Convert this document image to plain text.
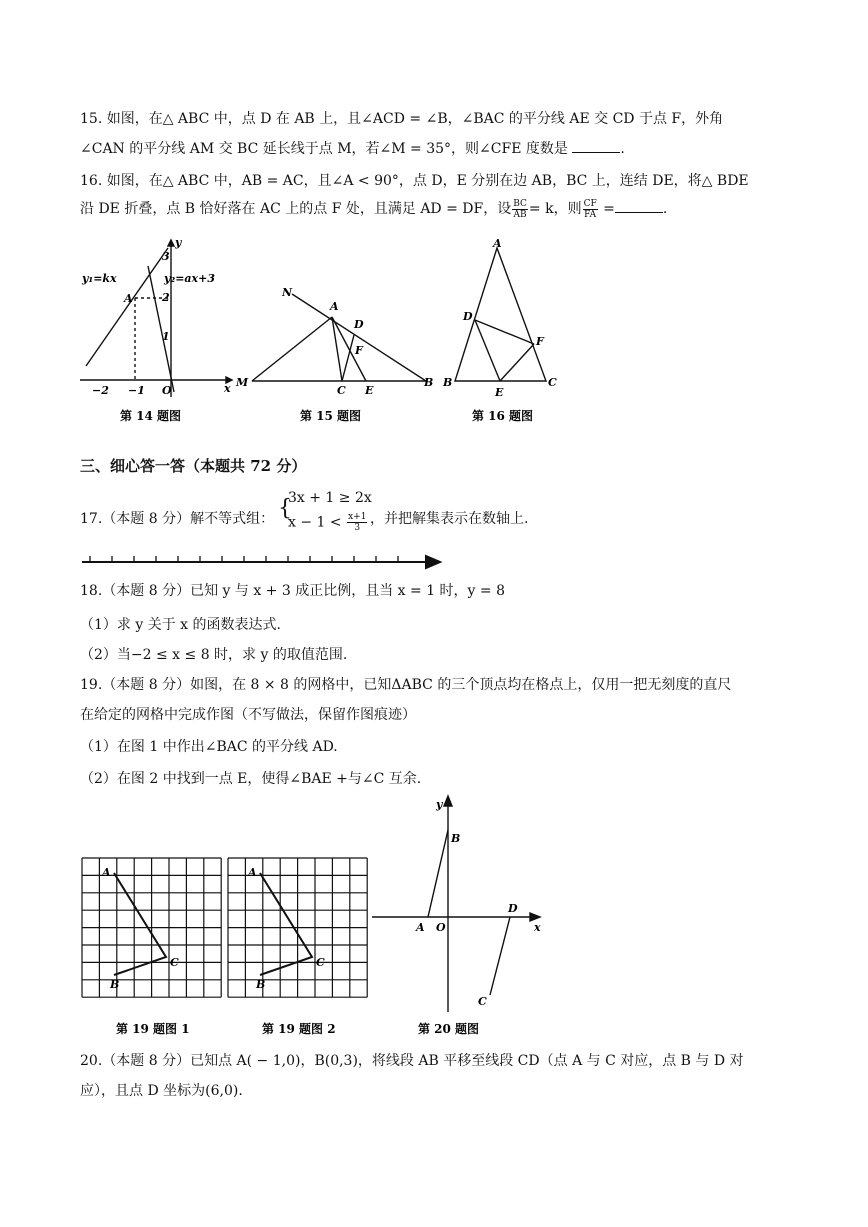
15. 如图，在△ ABC 中，点 D 在 AB 上，且∠ACD = ∠B，∠BAC 的平分线 AE 交 CD 于点 F，外角
∠CAN 的平分线 AM 交 BC 延长线于点 M，若∠M = 35°，则∠CFE 度数是	.
16. 如图，在△ ABC 中，AB = AC，且∠A < 90°，点 D，E 分别在边 AB，BC 上，连结 DE，将△ BDE
沿 DE 折叠，点 B 恰好落在 AC 上的点 F 处，且满足 AD = DF，设 $\frac{BC}{AB} = k$，则 $\frac{CF}{FA}$ =	.
y
x
y₁=kx	y₂=ax+3
A
O
−2 −1
3
2
1
第 14 题图
N
A
D
F
M
C E
B
第 15 题图
A
D
F
B
E
C
第 16 题图
三、细心答一答（本题共 72 分）
17.（本题 8 分）解不等式组： {
3x + 1 ≥ 2x
$x - 1 < \frac{x+1}{3}$ ，并把解集表示在数轴上.
18.（本题 8 分）已知 y 与 x + 3 成正比例，且当 x = 1 时，y = 8
（1）求 y 关于 x 的函数表达式.
（2）当−2 ≤ x ≤ 8 时，求 y 的取值范围.
19.（本题 8 分）如图，在 8 × 8 的网格中，已知ΔABC 的三个顶点均在格点上，仅用一把无刻度的直尺
在给定的网格中完成作图（不写做法，保留作图痕迹）
（1）在图 1 中作出∠BAC 的平分线 AD.
（2）在图 2 中找到一点 E，使得∠BAE +与∠C 互余.
A
C
B
第 19 题图 1
A
C
B
第 19 题图 2
y
x
B
A O
D
C
第 20 题图
20.（本题 8 分）已知点 A( − 1,0)，B(0,3)，将线段 AB 平移至线段 CD（点 A 与 C 对应，点 B 与 D 对
应），且点 D 坐标为(6,0).
